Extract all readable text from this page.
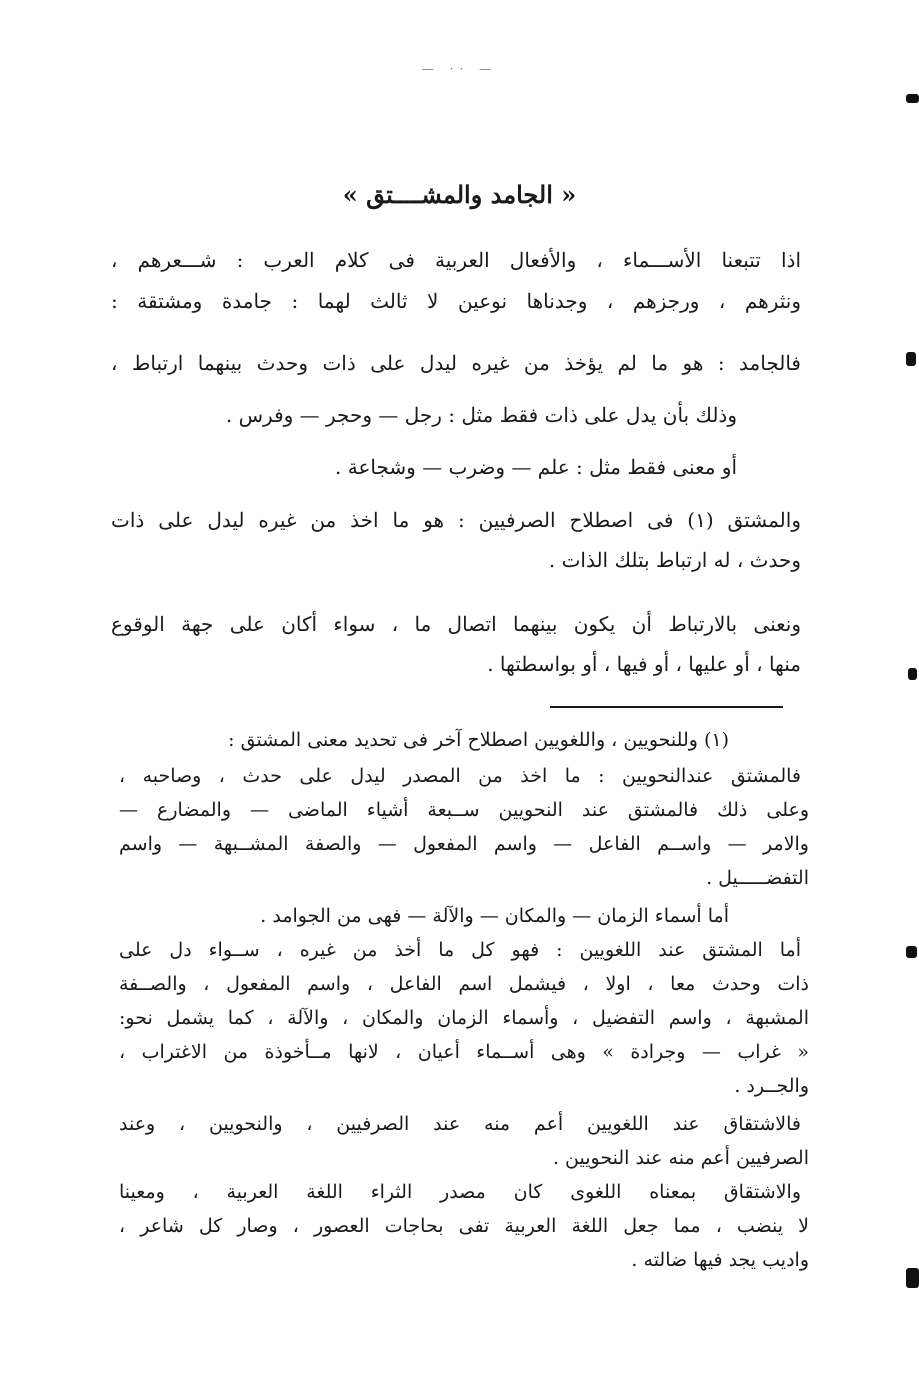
— ·· —
« الجامد والمشــــتق »
اذا تتبعنا الأســـماء ، والأفعال العربية فى كلام العرب : شـــعرهم ،
ونثرهم ، ورجزهم ، وجدناها نوعين لا ثالث لهما : جامدة ومشتقة :
فالجامد : هو ما لم يؤخذ من غيره ليدل على ذات وحدث بينهما ارتباط ،
وذلك بأن يدل على ذات فقط مثل : رجل — وحجر — وفرس .
أو معنى فقط مثل : علم — وضرب — وشجاعة .
والمشتق (١) فى اصطلاح الصرفيين : هو ما اخذ من غيره ليدل على ذات
وحدث ، له ارتباط بتلك الذات .
ونعنى بالارتباط أن يكون بينهما اتصال ما ، سواء أكان على جهة الوقوع
منها ، أو عليها ، أو فيها ، أو بواسطتها .
(١) وللنحويين ، واللغويين اصطلاح آخر فى تحديد معنى المشتق :
فالمشتق عندالنحويين : ما اخذ من المصدر ليدل على حدث ، وصاحبه ،
وعلى ذلك فالمشتق عند النحويين ســبعة أشياء الماضى — والمضارع —
والامر — واســم الفاعل — واسم المفعول — والصفة المشــبهة — واسم
التفضـــــيل .
أما أسماء الزمان — والمكان — والآلة — فهى من الجوامد .
أما المشتق عند اللغويين : فهو كل ما أخذ من غيره ، ســواء دل على
ذات وحدث معا ، اولا ، فيشمل اسم الفاعل ، واسم المفعول ، والصــفة
المشبهة ، واسم التفضيل ، وأسماء الزمان والمكان ، والآلة ، كما يشمل نحو:
« غراب — وجرادة » وهى أســماء أعيان ، لانها مــأخوذة من الاغتراب ،
والجــرد .
فالاشتقاق عند اللغويين أعم منه عند الصرفيين ، والنحويين ، وعند
الصرفيين أعم منه عند النحويين .
والاشتقاق بمعناه اللغوى كان مصدر الثراء اللغة العربية ، ومعينا
لا ينضب ، مما جعل اللغة العربية تفى بحاجات العصور ، وصار كل شاعر ،
واديب يجد فيها ضالته .
